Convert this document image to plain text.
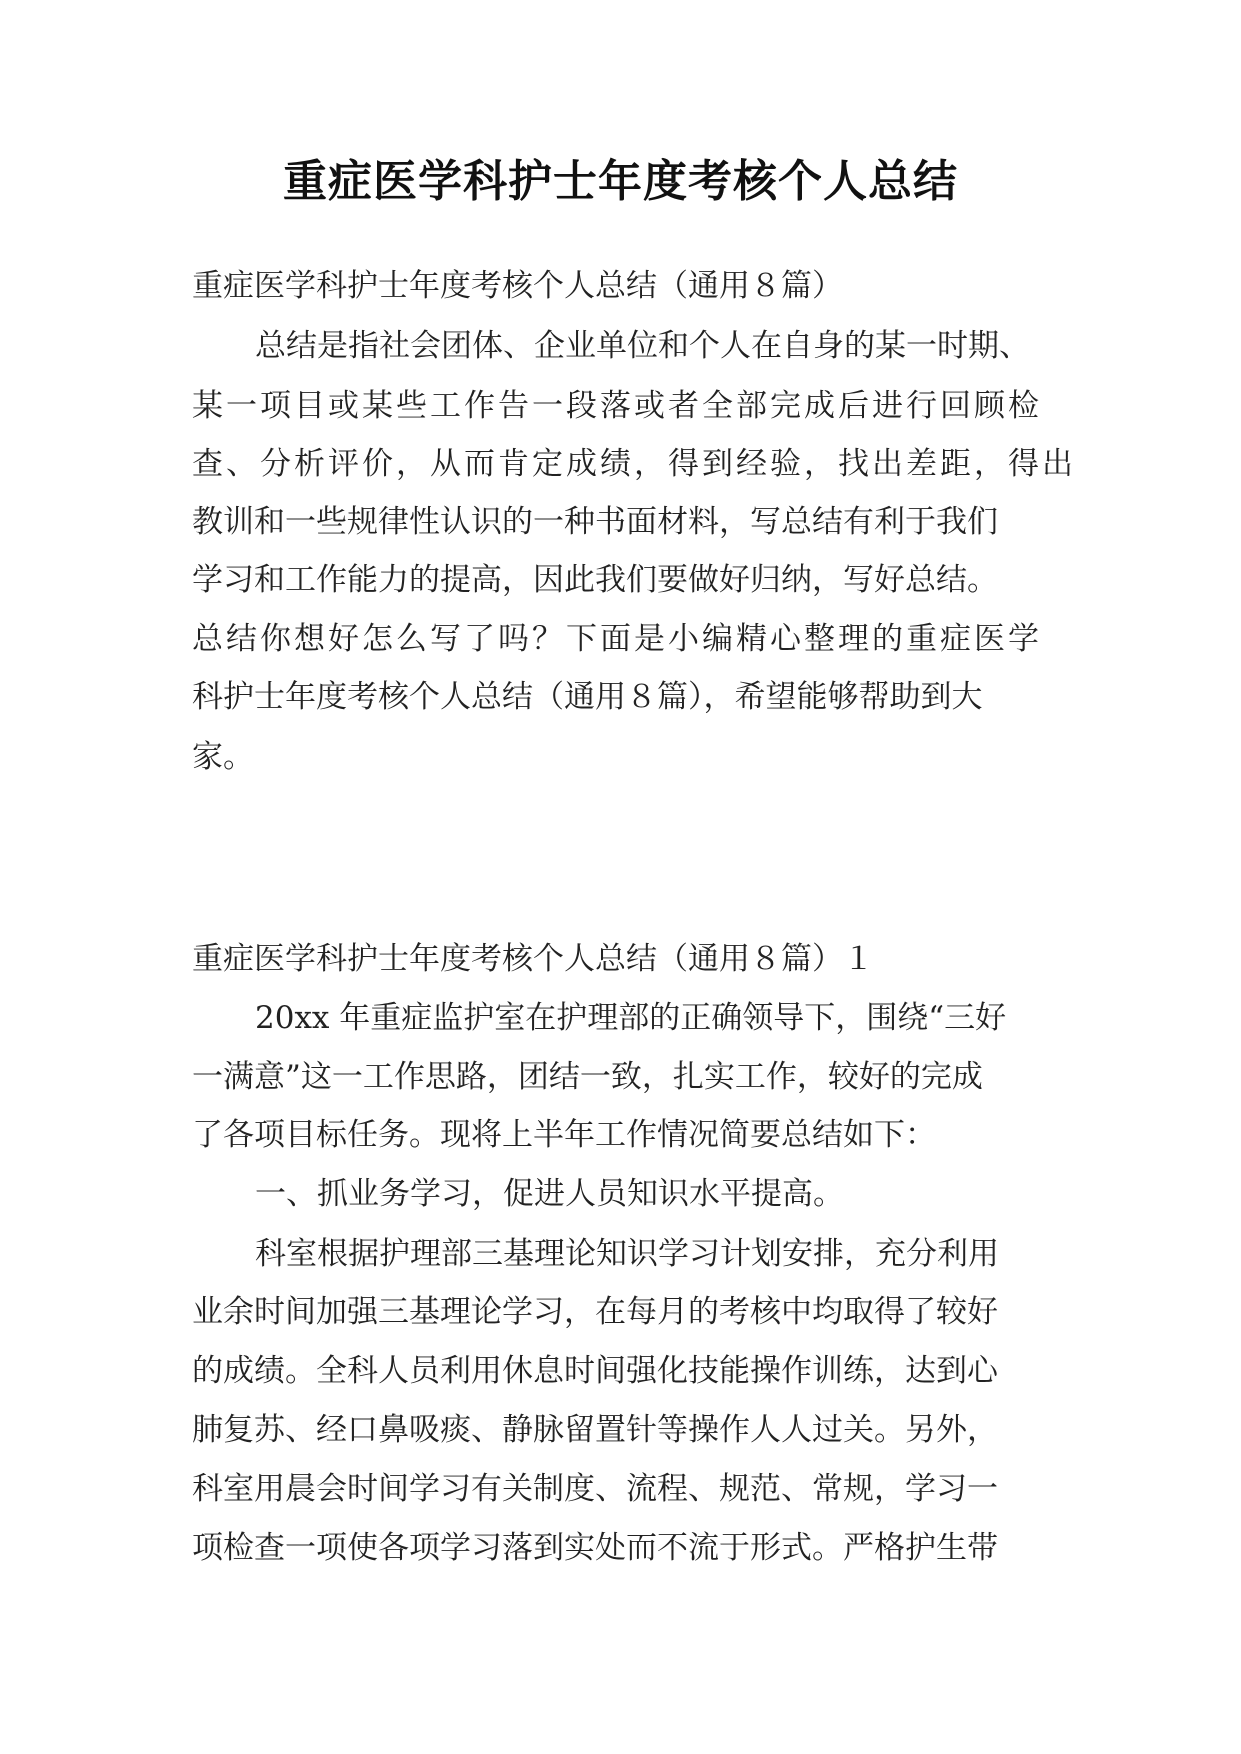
重症医学科护士年度考核个人总结
重症医学科护士年度考核个人总结（通用８篇）
总结是指社会团体、企业单位和个人在自身的某一时期、
某一项目或某些工作告一段落或者全部完成后进行回顾检
查、分析评价，从而肯定成绩，得到经验，找出差距，得出
教训和一些规律性认识的一种书面材料，写总结有利于我们
学习和工作能力的提高，因此我们要做好归纳，写好总结。
总结你想好怎么写了吗？下面是小编精心整理的重症医学
科护士年度考核个人总结（通用８篇），希望能够帮助到大
家。
重症医学科护士年度考核个人总结（通用８篇）１
20xx 年重症监护室在护理部的正确领导下，围绕“三好
一满意”这一工作思路，团结一致，扎实工作，较好的完成
了各项目标任务。现将上半年工作情况简要总结如下：
一、抓业务学习，促进人员知识水平提高。
科室根据护理部三基理论知识学习计划安排，充分利用
业余时间加强三基理论学习，在每月的考核中均取得了较好
的成绩。全科人员利用休息时间强化技能操作训练，达到心
肺复苏、经口鼻吸痰、静脉留置针等操作人人过关。另外，
科室用晨会时间学习有关制度、流程、规范、常规，学习一
项检查一项使各项学习落到实处而不流于形式。严格护生带
